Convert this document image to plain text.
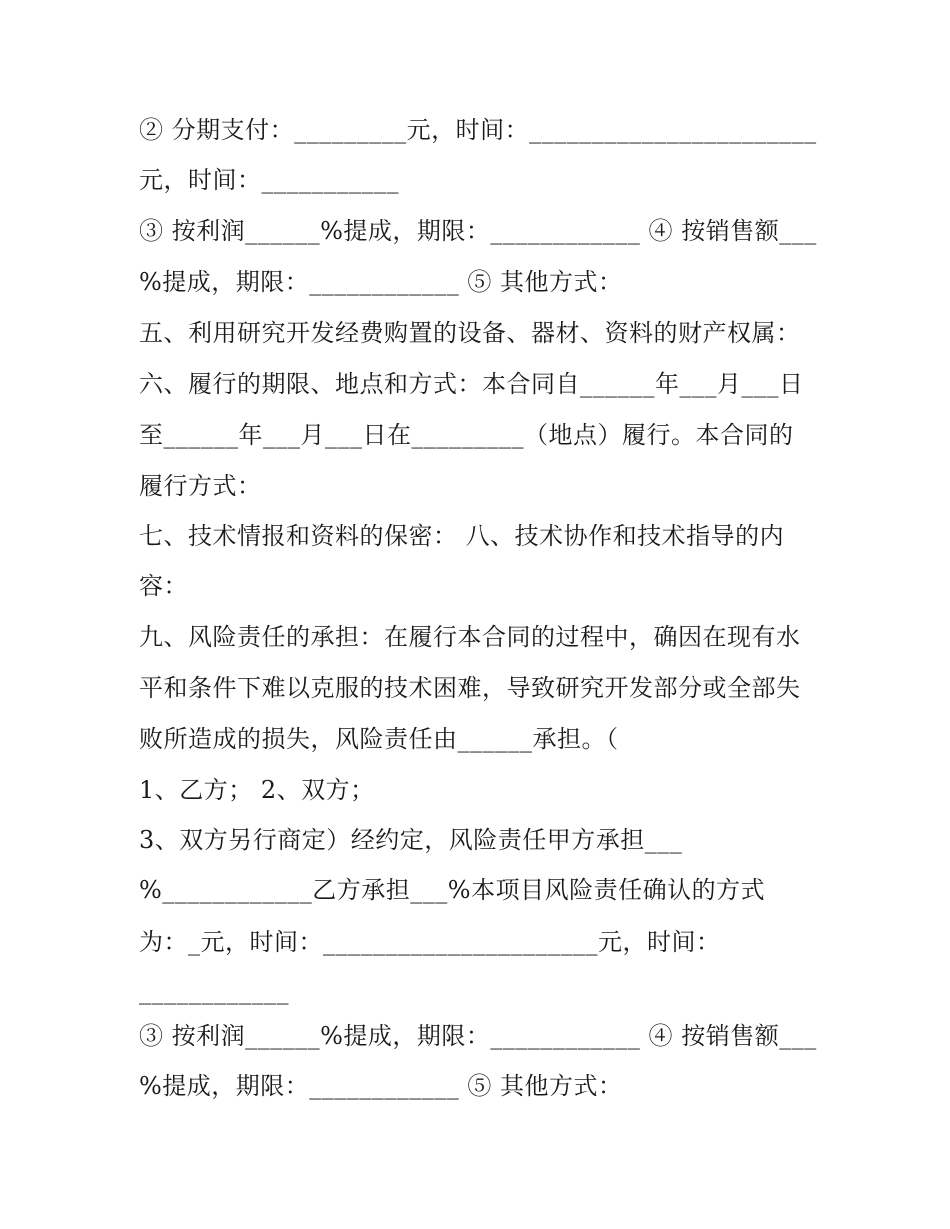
② 分期支付：_________元，时间：_______________________
元，时间：___________
③ 按利润______%提成，期限：____________ ④ 按销售额___
%提成，期限：____________ ⑤ 其他方式：
五、利用研究开发经费购置的设备、器材、资料的财产权属：
六、履行的期限、地点和方式：本合同自______年___月___日
至______年___月___日在_________（地点）履行。本合同的
履行方式：
七、技术情报和资料的保密： 八、技术协作和技术指导的内
容：
九、风险责任的承担：在履行本合同的过程中，确因在现有水
平和条件下难以克服的技术困难，导致研究开发部分或全部失
败所造成的损失，风险责任由______承担。（
1、乙方； 2、双方；
3、双方另行商定）经约定，风险责任甲方承担___
%____________乙方承担___%本项目风险责任确认的方式
为：_元，时间：______________________元，时间：
____________
③ 按利润______%提成，期限：____________ ④ 按销售额___
%提成，期限：____________ ⑤ 其他方式：
